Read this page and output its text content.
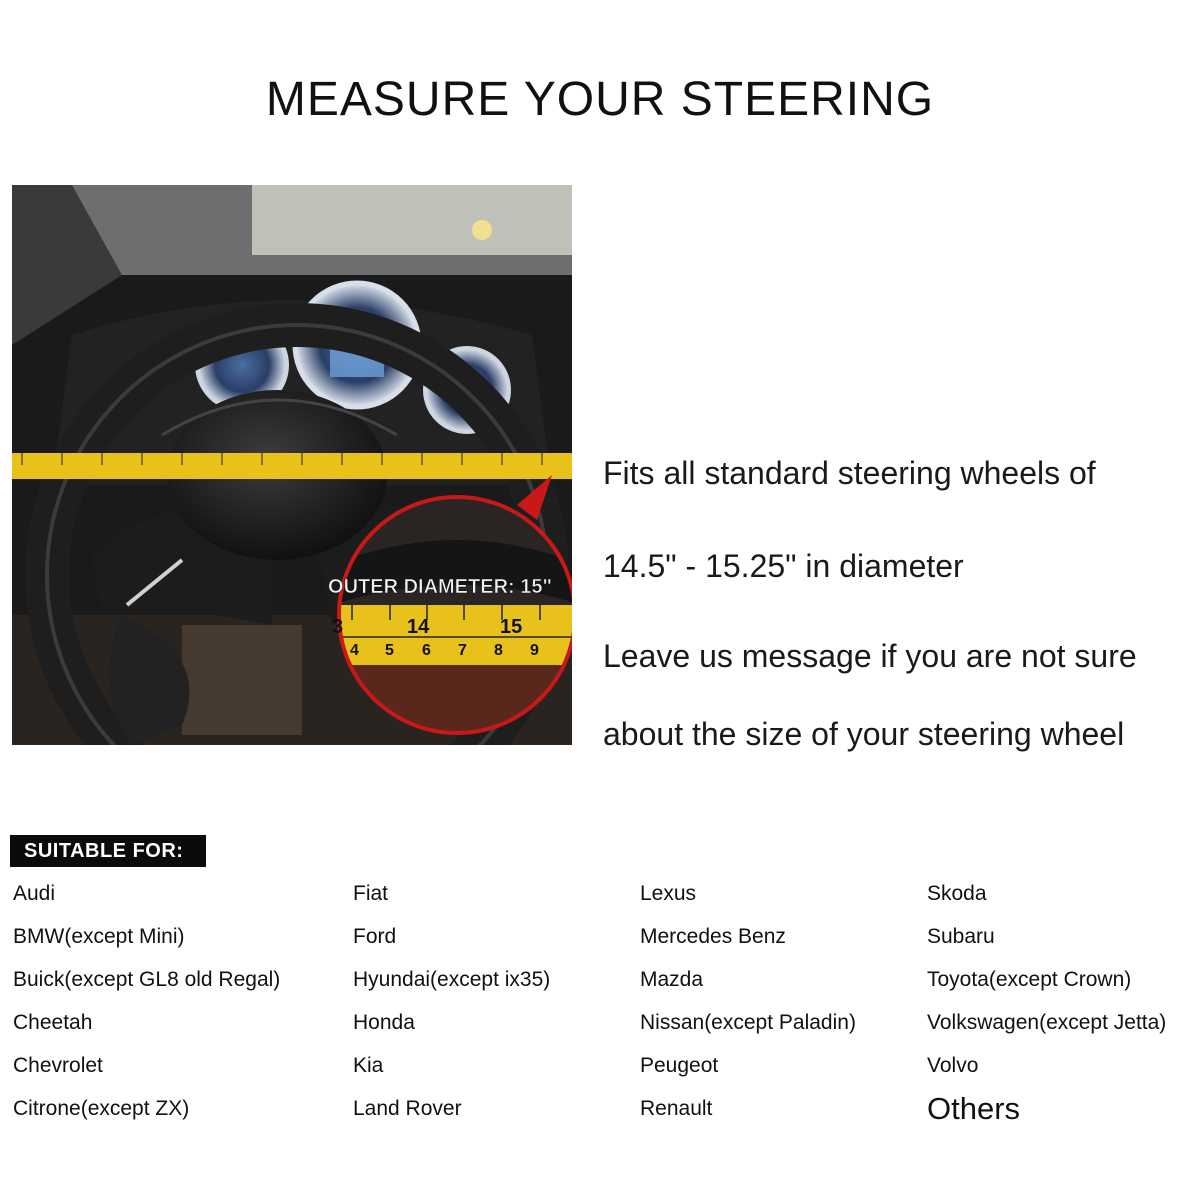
MEASURE YOUR STEERING
OUTER DIAMETER: 15"
3	14	15
4 5 6 7 8 9
Fits all standard steering wheels of
14.5" - 15.25" in diameter
Leave us message if you are not sure
about the size of your steering wheel
SUITABLE FOR:
Audi
BMW(except Mini)
Buick(except GL8 old Regal)
Cheetah
Chevrolet
Citrone(except ZX)
Fiat
Ford
Hyundai(except ix35)
Honda
Kia
Land Rover
Lexus
Mercedes Benz
Mazda
Nissan(except Paladin)
Peugeot
Renault
Skoda
Subaru
Toyota(except Crown)
Volkswagen(except Jetta)
Volvo
Others
